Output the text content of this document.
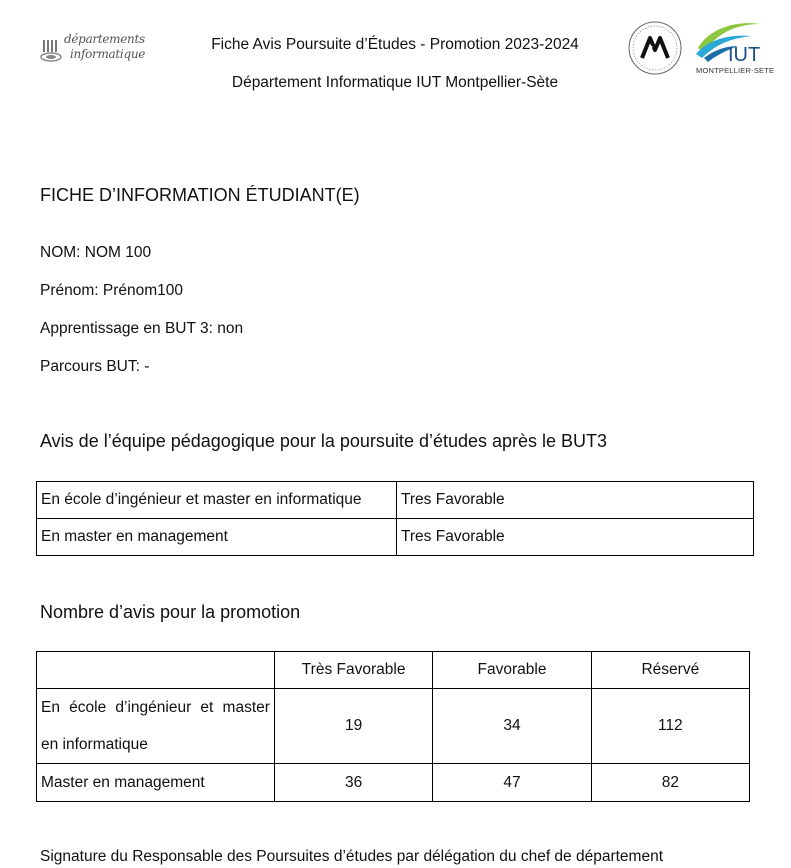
départements
informatique
Fiche Avis Poursuite d’Études - Promotion 2023-2024
Département Informatique IUT Montpellier-Sète
IUT
MONTPELLIER-SETE
FICHE D’INFORMATION ÉTUDIANT(E)
NOM: NOM 100
Prénom: Prénom100
Apprentissage en BUT 3: non
Parcours BUT: -
Avis de l’équipe pédagogique pour la poursuite d’études après le BUT3
En école d’ingénieur et master en informatique	Tres Favorable
En master en management	Tres Favorable
Nombre d’avis pour la promotion
	Très Favorable	Favorable	Réservé
En école d’ingénieur et master en informatique	19	34	112
Master en management	36	47	82
Signature du Responsable des Poursuites d’études par délégation du chef de département
